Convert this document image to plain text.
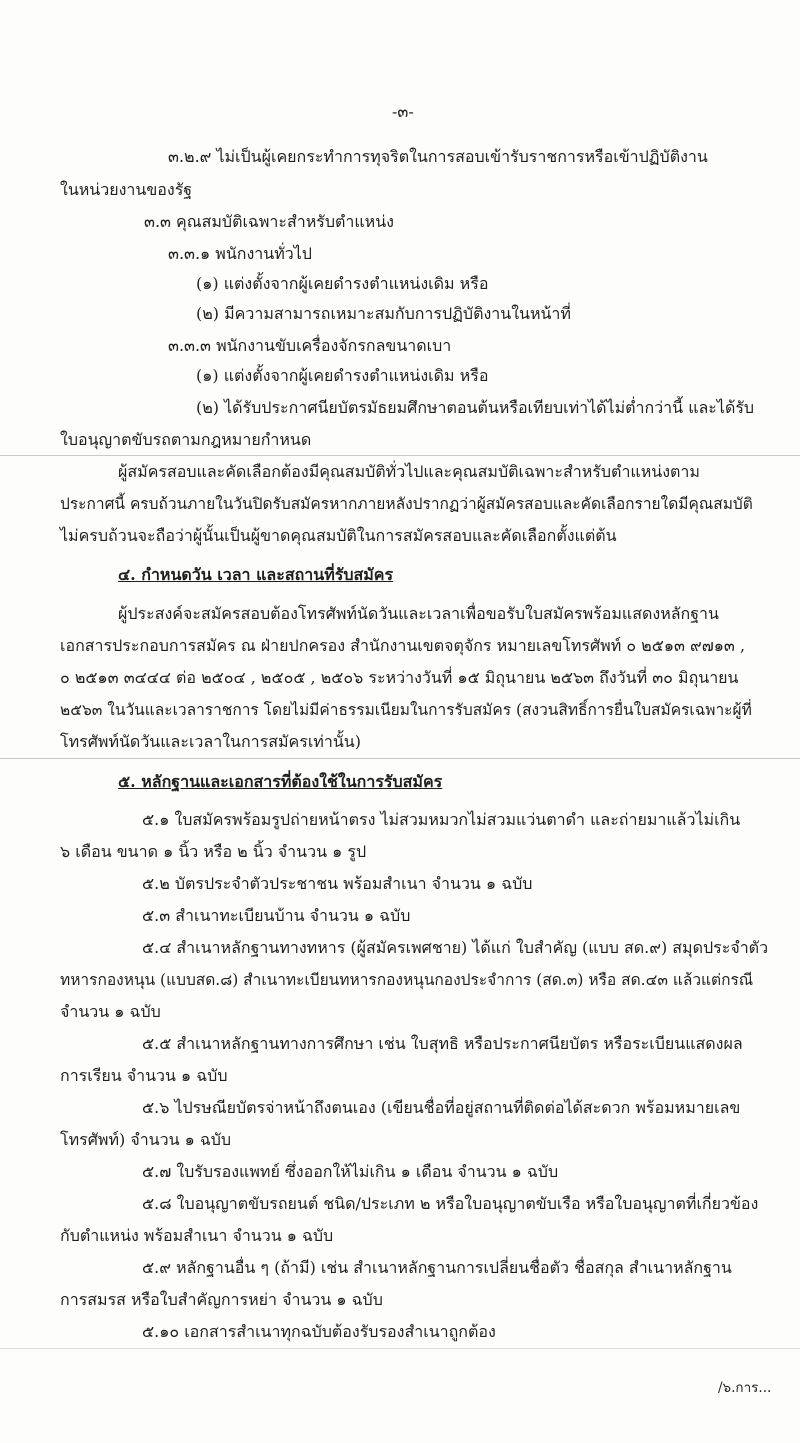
-๓-

๓.๒.๙ ไม่เป็นผู้เคยกระทำการทุจริตในการสอบเข้ารับราชการหรือเข้าปฏิบัติงาน

ในหน่วยงานของรัฐ

๓.๓ คุณสมบัติเฉพาะสำหรับตำแหน่ง

๓.๓.๑ พนักงานทั่วไป

(๑) แต่งตั้งจากผู้เคยดำรงตำแหน่งเดิม หรือ

(๒) มีความสามารถเหมาะสมกับการปฏิบัติงานในหน้าที่

๓.๓.๓ พนักงานขับเครื่องจักรกลขนาดเบา

(๑) แต่งตั้งจากผู้เคยดำรงตำแหน่งเดิม หรือ

(๒) ได้รับประกาศนียบัตรมัธยมศึกษาตอนต้นหรือเทียบเท่าได้ไม่ต่ำกว่านี้ และได้รับ

ใบอนุญาตขับรถตามกฎหมายกำหนด

ผู้สมัครสอบและคัดเลือกต้องมีคุณสมบัติทั่วไปและคุณสมบัติเฉพาะสำหรับตำแหน่งตาม

ประกาศนี้ ครบถ้วนภายในวันปิดรับสมัครหากภายหลังปรากฏว่าผู้สมัครสอบและคัดเลือกรายใดมีคุณสมบัติ

ไม่ครบถ้วนจะถือว่าผู้นั้นเป็นผู้ขาดคุณสมบัติในการสมัครสอบและคัดเลือกตั้งแต่ต้น

๔. กำหนดวัน เวลา และสถานที่รับสมัคร

ผู้ประสงค์จะสมัครสอบต้องโทรศัพท์นัดวันและเวลาเพื่อขอรับใบสมัครพร้อมแสดงหลักฐาน

เอกสารประกอบการสมัคร ณ ฝ่ายปกครอง สำนักงานเขตจตุจักร หมายเลขโทรศัพท์ ๐ ๒๕๑๓ ๙๗๑๓ ,

๐ ๒๕๑๓ ๓๔๔๔ ต่อ ๒๕๐๔ , ๒๕๐๕ , ๒๕๐๖ ระหว่างวันที่ ๑๕ มิถุนายน ๒๕๖๓ ถึงวันที่ ๓๐ มิถุนายน

๒๕๖๓ ในวันและเวลาราชการ โดยไม่มีค่าธรรมเนียมในการรับสมัคร (สงวนสิทธิ์การยื่นใบสมัครเฉพาะผู้ที่

โทรศัพท์นัดวันและเวลาในการสมัครเท่านั้น)

๕. หลักฐานและเอกสารที่ต้องใช้ในการรับสมัคร

๕.๑ ใบสมัครพร้อมรูปถ่ายหน้าตรง ไม่สวมหมวกไม่สวมแว่นตาดำ และถ่ายมาแล้วไม่เกิน

๖ เดือน ขนาด ๑ นิ้ว หรือ ๒ นิ้ว จำนวน ๑ รูป

๕.๒ บัตรประจำตัวประชาชน พร้อมสำเนา จำนวน ๑ ฉบับ

๕.๓ สำเนาทะเบียนบ้าน จำนวน ๑ ฉบับ

๕.๔ สำเนาหลักฐานทางทหาร (ผู้สมัครเพศชาย) ได้แก่ ใบสำคัญ (แบบ สด.๙) สมุดประจำตัว

ทหารกองหนุน (แบบสด.๘) สำเนาทะเบียนทหารกองหนุนกองประจำการ (สด.๓) หรือ สด.๔๓ แล้วแต่กรณี

จำนวน ๑ ฉบับ

๕.๕ สำเนาหลักฐานทางการศึกษา เช่น ใบสุทธิ หรือประกาศนียบัตร หรือระเบียนแสดงผล

การเรียน จำนวน ๑ ฉบับ

๕.๖ ไปรษณียบัตรจ่าหน้าถึงตนเอง (เขียนชื่อที่อยู่สถานที่ติดต่อได้สะดวก พร้อมหมายเลข

โทรศัพท์) จำนวน ๑ ฉบับ

๕.๗ ใบรับรองแพทย์ ซึ่งออกให้ไม่เกิน ๑ เดือน จำนวน ๑ ฉบับ

๕.๘ ใบอนุญาตขับรถยนต์ ชนิด/ประเภท ๒ หรือใบอนุญาตขับเรือ หรือใบอนุญาตที่เกี่ยวข้อง

กับตำแหน่ง พร้อมสำเนา จำนวน ๑ ฉบับ

๕.๙ หลักฐานอื่น ๆ (ถ้ามี) เช่น สำเนาหลักฐานการเปลี่ยนชื่อตัว ชื่อสกุล สำเนาหลักฐาน

การสมรส หรือใบสำคัญการหย่า จำนวน ๑ ฉบับ

๕.๑๐ เอกสารสำเนาทุกฉบับต้องรับรองสำเนาถูกต้อง

/๖.การ...
